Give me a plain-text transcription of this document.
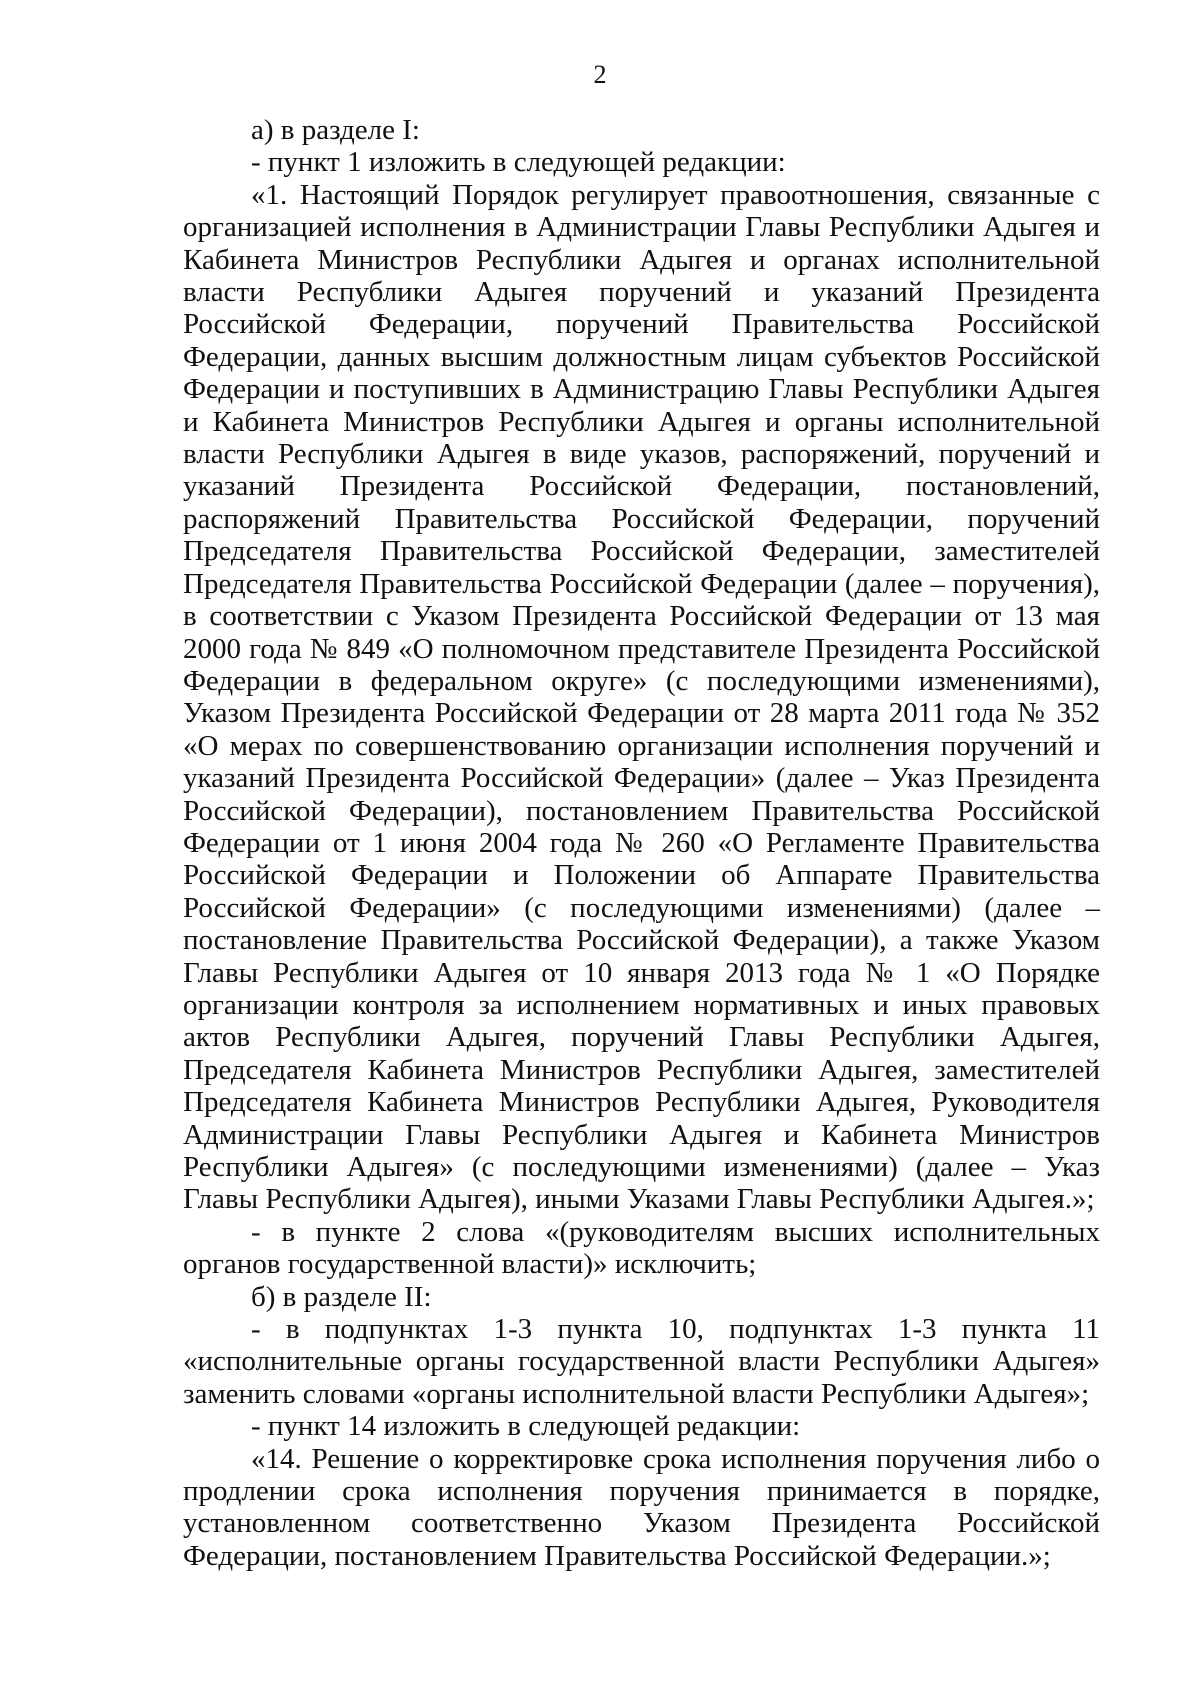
2

а) в разделе I:

- пункт 1 изложить в следующей редакции:

«1. Настоящий Порядок регулирует правоотношения, связанные с организацией исполнения в Администрации Главы Республики Адыгея и Кабинета Министров Республики Адыгея и органах исполнительной власти Республики Адыгея поручений и указаний Президента Российской Федерации, поручений Правительства Российской Федерации, данных высшим должностным лицам субъектов Российской Федерации и поступивших в Администрацию Главы Республики Адыгея и Кабинета Министров Республики Адыгея и органы исполнительной власти Республики Адыгея в виде указов, распоряжений, поручений и указаний Президента Российской Федерации, постановлений, распоряжений Правительства Российской Федерации, поручений Председателя Правительства Российской Федерации, заместителей Председателя Правительства Российской Федерации (далее – поручения), в соответствии с Указом Президента Российской Федерации от 13 мая 2000 года № 849 «О полномочном представителе Президента Российской Федерации в федеральном округе» (с последующими изменениями), Указом Президента Российской Федерации от 28 марта 2011 года № 352 «О мерах по совершенствованию организации исполнения поручений и указаний Президента Российской Федерации» (далее – Указ Президента Российской Федерации), постановлением Правительства Российской Федерации от 1 июня 2004 года № 260 «О Регламенте Правительства Российской Федерации и Положении об Аппарате Правительства Российской Федерации» (с последующими изменениями) (далее – постановление Правительства Российской Федерации), а также Указом Главы Республики Адыгея от 10 января 2013 года № 1 «О Порядке организации контроля за исполнением нормативных и иных правовых актов Республики Адыгея, поручений Главы Республики Адыгея, Председателя Кабинета Министров Республики Адыгея, заместителей Председателя Кабинета Министров Республики Адыгея, Руководителя Администрации Главы Республики Адыгея и Кабинета Министров Республики Адыгея» (с последующими изменениями) (далее – Указ Главы Республики Адыгея), иными Указами Главы Республики Адыгея.»;

- в пункте 2 слова «(руководителям высших исполнительных органов государственной власти)» исключить;

б) в разделе II:

- в подпунктах 1-3 пункта 10, подпунктах 1-3 пункта 11 «исполнительные органы государственной власти Республики Адыгея» заменить словами «органы исполнительной власти Республики Адыгея»;

- пункт 14 изложить в следующей редакции:

«14. Решение о корректировке срока исполнения поручения либо о продлении срока исполнения поручения принимается в порядке, установленном соответственно Указом Президента Российской Федерации, постановлением Правительства Российской Федерации.»;
